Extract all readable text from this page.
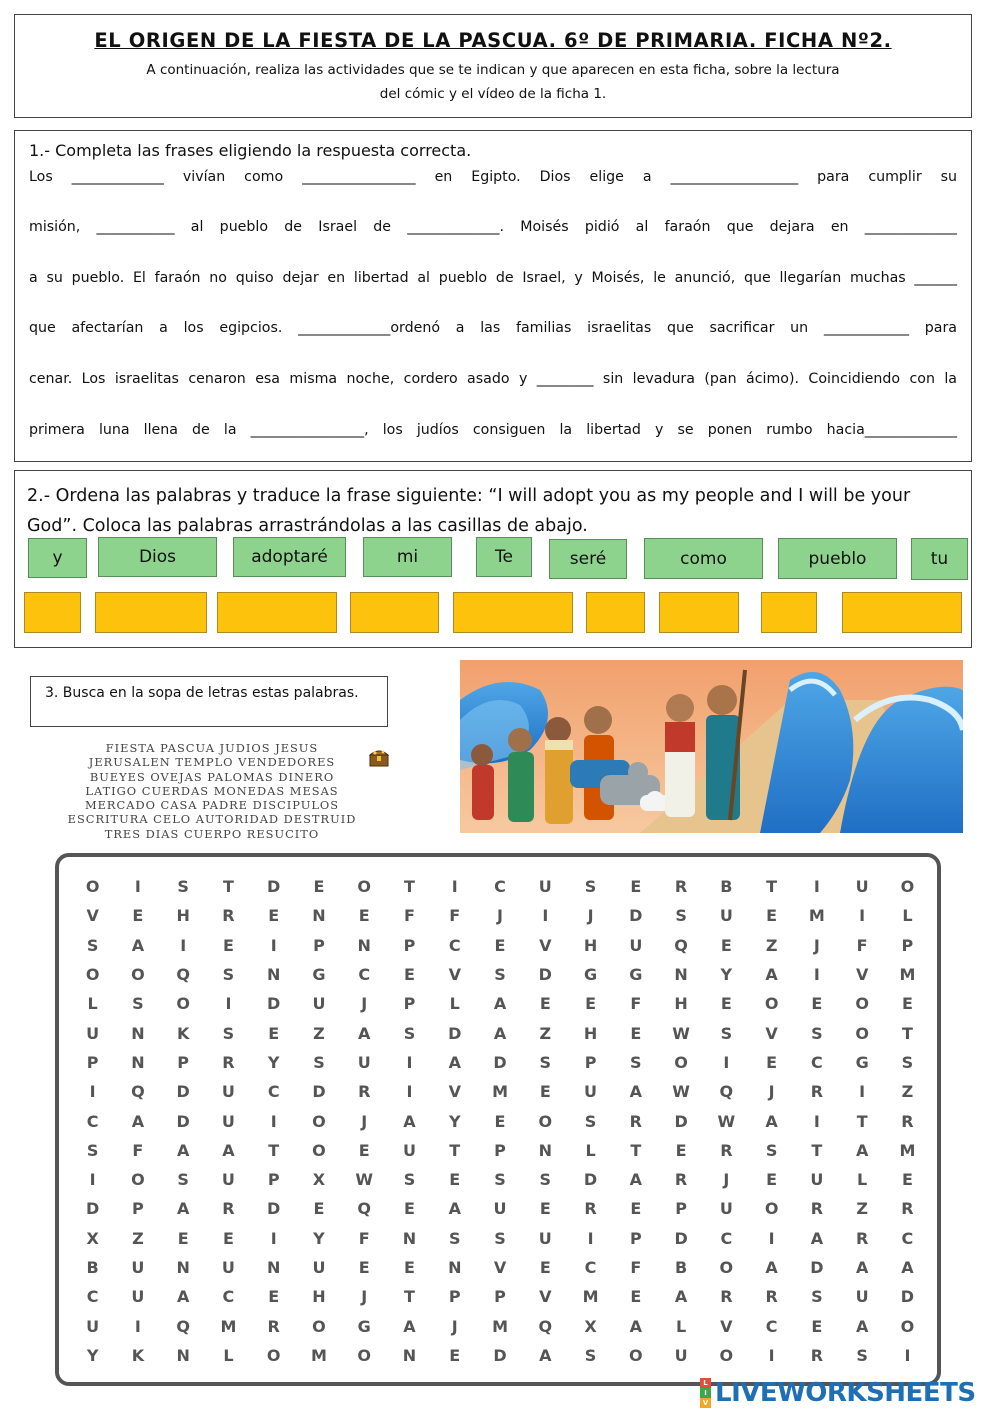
EL ORIGEN DE LA FIESTA DE LA PASCUA. 6º DE PRIMARIA. FICHA Nº2.
A continuación, realiza las actividades que se te indican y que aparecen en esta ficha, sobre la lectura
del cómic y el vídeo de la ficha 1.
1.- Completa las frases eligiendo la respuesta correcta.
Los _____________ vivían como ________________ en Egipto. Dios elige a __________________ para cumplir su
misión, ___________ al pueblo de Israel de _____________. Moisés pidió al faraón que dejara en _____________
a su pueblo. El faraón no quiso dejar en libertad al pueblo de Israel, y Moisés, le anunció, que llegarían muchas ______
que afectarían a los egipcios. _____________ordenó a las familias israelitas que sacrificar un ____________ para
cenar. Los israelitas cenaron esa misma noche, cordero asado y ________ sin levadura (pan ácimo). Coincidiendo con la
primera luna llena de la ________________, los judíos consiguen la libertad y se ponen rumbo hacia_____________
2.- Ordena las palabras y traduce la frase siguiente: “I will adopt you as my people and I will be your God”. Coloca las palabras arrastrándolas a las casillas de abajo.
y	Dios	adoptaré	mi	Te	seré	como	pueblo	tu
3. Busca en la sopa de letras estas palabras.
FIESTA PASCUA JUDIOS JESUS
JERUSALEN TEMPLO VENDEDORES
BUEYES OVEJAS PALOMAS DINERO
LATIGO CUERDAS MONEDAS MESAS
MERCADO CASA PADRE DISCIPULOS
ESCRITURA CELO AUTORIDAD DESTRUID
TRES DIAS CUERPO RESUCITO
O	I	S	T	D	E	O	T	I	C	U	S	E	R	B	T	I	U	O
V	E	H	R	E	N	E	F	F	J	I	J	D	S	U	E	M	I	L
S	A	I	E	I	P	N	P	C	E	V	H	U	Q	E	Z	J	F	P
O	O	Q	S	N	G	C	E	V	S	D	G	G	N	Y	A	I	V	M
L	S	O	I	D	U	J	P	L	A	E	E	F	H	E	O	E	O	E
U	N	K	S	E	Z	A	S	D	A	Z	H	E	W	S	V	S	O	T
P	N	P	R	Y	S	U	I	A	D	S	P	S	O	I	E	C	G	S
I	Q	D	U	C	D	R	I	V	M	E	U	A	W	Q	J	R	I	Z
C	A	D	U	I	O	J	A	Y	E	O	S	R	D	W	A	I	T	R
S	F	A	A	T	O	E	U	T	P	N	L	T	E	R	S	T	A	M
I	O	S	U	P	X	W	S	E	S	S	D	A	R	J	E	U	L	E
D	P	A	R	D	E	Q	E	A	U	E	R	E	P	U	O	R	Z	R
X	Z	E	E	I	Y	F	N	S	S	U	I	P	D	C	I	A	R	C
B	U	N	U	N	U	E	E	N	V	E	C	F	B	O	A	D	A	A
C	U	A	C	E	H	J	T	P	P	V	M	E	A	R	R	S	U	D
U	I	Q	M	R	O	G	A	J	M	Q	X	A	L	V	C	E	A	O
Y	K	N	L	O	M	O	N	E	D	A	S	O	U	O	I	R	S	I
L
I
V LIVEWORKSHEETS
